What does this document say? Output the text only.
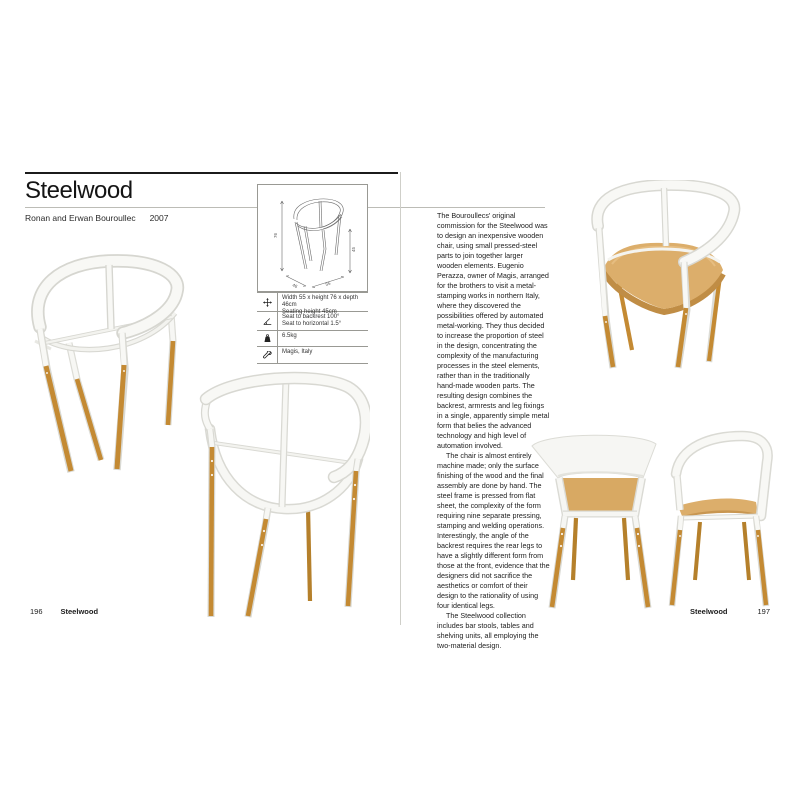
Steelwood
Ronan and Erwan Bouroullec 2007
76
45
46	55
Width 55 x height 76 x depth 46cm
Seating height 45cm
Seat to backrest 100°
Seat to horizontal 1.5°
6.5kg
Magis, Italy

The Bouroullecs' original commission for the Steelwood was to design an inexpensive wooden chair, using small pressed-steel parts to join together larger wooden elements. Eugenio Perazza, owner of Magis, arranged for the brothers to visit a metal-stamping works in northern Italy, where they discovered the possibilities offered by automated metal-working. They thus decided to increase the proportion of steel in the design, concentrating the complexity of the manufacturing processes in the steel elements, rather than in the traditionally hand-made wooden parts. The resulting design combines the backrest, armrests and leg fixings in a single, apparently simple metal form that belies the advanced technology and high level of automation involved.

The chair is almost entirely machine made; only the surface finishing of the wood and the final assembly are done by hand. The steel frame is pressed from flat sheet, the complexity of the form requiring nine separate pressing, stamping and welding operations. Interestingly, the angle of the backrest requires the rear legs to have a slightly different form from those at the front, evidence that the designers did not sacrifice the aesthetics or comfort of their design to the rationality of using four identical legs.

The Steelwood collection includes bar stools, tables and shelving units, all employing the two-material design.

196 Steelwood	Steelwood	197
